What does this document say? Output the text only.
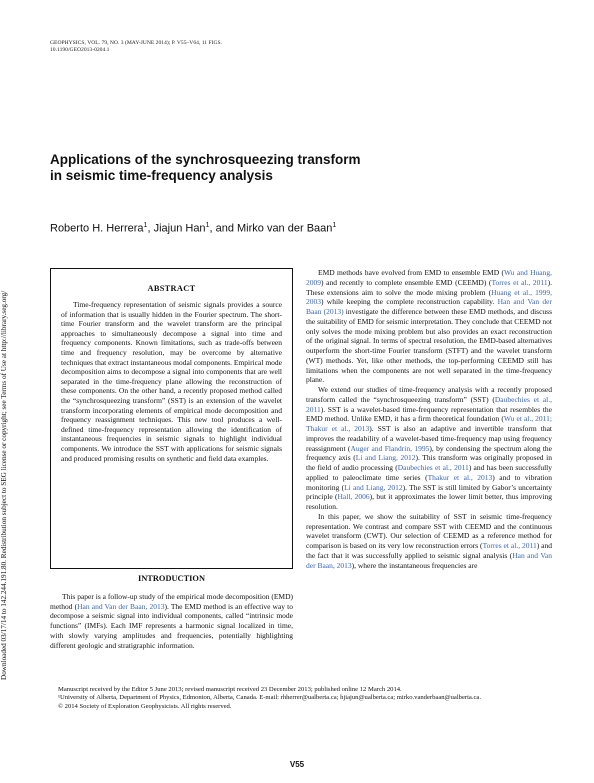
GEOPHYSICS, VOL. 79, NO. 3 (MAY-JUNE 2014); P. V55–V64, 11 FIGS.
10.1190/GEO2013-0204.1
Downloaded 03/17/14 to 142.244.191.80. Redistribution subject to SEG license or copyright; see Terms of Use at http://library.seg.org/
Applications of the synchrosqueezing transform
in seismic time-frequency analysis
Roberto H. Herrera$^1$, Jiajun Han$^1$, and Mirko van der Baan$^1$
ABSTRACT
Time-frequency representation of seismic signals provides a source of information that is usually hidden in the Fourier spectrum. The short-time Fourier transform and the wavelet transform are the principal approaches to simultaneously decompose a signal into time and frequency components. Known limitations, such as trade-offs between time and frequency resolution, may be overcome by alternative techniques that extract instantaneous modal components. Empirical mode decomposition aims to decompose a signal into components that are well separated in the time-frequency plane allowing the reconstruction of these components. On the other hand, a recently proposed method called the “synchrosqueezing transform” (SST) is an extension of the wavelet transform incorporating elements of empirical mode decomposition and frequency reassignment techniques. This new tool produces a well-defined time-frequency representation allowing the identification of instantaneous frequencies in seismic signals to highlight individual components. We introduce the SST with applications for seismic signals and produced promising results on synthetic and field data examples.
INTRODUCTION

This paper is a follow-up study of the empirical mode decomposition (EMD) method (Han and Van der Baan, 2013). The EMD method is an effective way to decompose a seismic signal into individual components, called “intrinsic mode functions” (IMFs). Each IMF represents a harmonic signal localized in time, with slowly varying amplitudes and frequencies, potentially highlighting different geologic and stratigraphic information.

EMD methods have evolved from EMD to ensemble EMD (Wu and Huang, 2009) and recently to complete ensemble EMD (CEEMD) (Torres et al., 2011). These extensions aim to solve the mode mixing problem (Huang et al., 1999, 2003) while keeping the complete reconstruction capability. Han and Van der Baan (2013) investigate the difference between these EMD methods, and discuss the suitability of EMD for seismic interpretation. They conclude that CEEMD not only solves the mode mixing problem but also provides an exact reconstruction of the original signal. In terms of spectral resolution, the EMD-based alternatives outperform the short-time Fourier transform (STFT) and the wavelet transform (WT) methods. Yet, like other methods, the top-performing CEEMD still has limitations when the components are not well separated in the time-frequency plane.

We extend our studies of time-frequency analysis with a recently proposed transform called the “synchrosqueezing transform” (SST) (Daubechies et al., 2011). SST is a wavelet-based time-frequency representation that resembles the EMD method. Unlike EMD, it has a firm theoretical foundation (Wu et al., 2011; Thakur et al., 2013). SST is also an adaptive and invertible transform that improves the readability of a wavelet-based time-frequency map using frequency reassignment (Auger and Flandrin, 1995), by condensing the spectrum along the frequency axis (Li and Liang, 2012). This transform was originally proposed in the field of audio processing (Daubechies et al., 2011) and has been successfully applied to paleoclimate time series (Thakur et al., 2013) and to vibration monitoring (Li and Liang, 2012). The SST is still limited by Gabor’s uncertainty principle (Hall, 2006), but it approximates the lower limit better, thus improving resolution.

In this paper, we show the suitability of SST in seismic time-frequency representation. We contrast and compare SST with CEEMD and the continuous wavelet transform (CWT). Our selection of CEEMD as a reference method for comparison is based on its very low reconstruction errors (Torres et al., 2011) and the fact that it was successfully applied to seismic signal analysis (Han and Van der Baan, 2013), where the instantaneous frequencies are

Manuscript received by the Editor 5 June 2013; revised manuscript received 23 December 2013; published online 12 March 2014.
¹University of Alberta, Department of Physics, Edmonton, Alberta, Canada. E-mail: rhherrer@ualberta.ca; hjiajun@ualberta.ca; mirko.vanderbaan@ualberta.ca.
© 2014 Society of Exploration Geophysicists. All rights reserved.
V55
